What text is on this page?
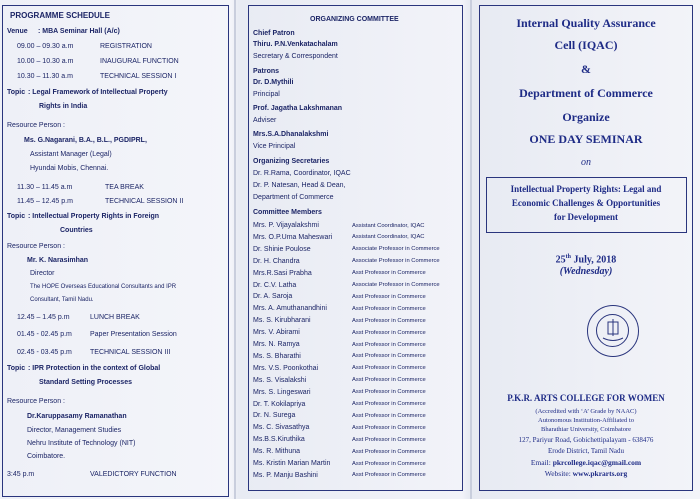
PROGRAMME SCHEDULE
Venue : MBA Seminar Hall (A/c)
09.00 – 09.30 a.m	REGISTRATION
10.00 – 10.30 a.m	INAUGURAL FUNCTION
10.30 – 11.30 a.m	TECHNICAL SESSION I
Topic : Legal Framework of Intellectual Property
Rights in India
Resource Person :
Ms. G.Nagarani, B.A., B.L., PGDIPRL,
Assistant Manager (Legal)
Hyundai Mobis, Chennai.
11.30 – 11.45 a.m	TEA BREAK
11.45 – 12.45 p.m	TECHNICAL SESSION II
Topic : Intellectual Property Rights in Foreign
Countries
Resource Person :
Mr. K. Narasimhan
Director
The HOPE Overseas Educational Consultants and IPR
Consultant, Tamil Nadu.
12.45 – 1.45 p.m	LUNCH BREAK
01.45 - 02.45 p.m	Paper Presentation Session
02.45 - 03.45 p.m	TECHNICAL SESSION III
Topic : IPR Protection in the context of Global
Standard Setting Processes
Resource Person :
Dr.Karuppasamy Ramanathan
Director, Management Studies
Nehru Institute of Technology (NIT)
Coimbatore.
3:45 p.m	VALEDICTORY FUNCTION
ORGANIZING COMMITTEE
Chief Patron
Thiru. P.N.Venkatachalam
Secretary & Correspondent
Patrons
Dr. D.Mythili
Principal
Prof. Jagatha Lakshmanan
Adviser
Mrs.S.A.Dhanalakshmi
Vice Principal
Organizing Secretaries
Dr. R.Rama, Coordinator, IQAC
Dr. P. Natesan, Head & Dean,
Department of Commerce
Committee Members
Mrs. P. Vijayalakshmi	Assistant Coordinator, IQAC
Mrs. O.P.Uma Maheswari	Assistant Coordinator, IQAC
Dr. Shinie Poulose	Associate Professor in Commerce
Dr. H. Chandra	Associate Professor in Commerce
Mrs.R.Sasi Prabha	Asst Professor in Commerce
Dr. C.V. Latha	Associate Professor in Commerce
Dr. A. Saroja	Asst Professor in Commerce
Mrs. A. Amuthanandhini	Asst Professor in Commerce
Ms. S. Kirubharani	Asst Professor in Commerce
Mrs. V. Abirami	Asst Professor in Commerce
Mrs. N. Ramya	Asst Professor in Commerce
Ms. S. Bharathi	Asst Professor in Commerce
Mrs. V.S. Poonkothai	Asst Professor in Commerce
Ms. S. Visalakshi	Asst Professor in Commerce
Mrs. S. Lingeswari	Asst Professor in Commerce
Dr. T. Kokilapriya	Asst Professor in Commerce
Dr. N. Surega	Asst Professor in Commerce
Ms. C. Sivasathya	Asst Professor in Commerce
Ms.B.S.Kiruthika	Asst Professor in Commerce
Ms. R. Mithuna	Asst Professor in Commerce
Ms. Kristin Marian Martin	Asst Professor in Commerce
Ms. P. Manju Bashini	Asst Professor in Commerce
Internal Quality Assurance
Cell (IQAC)
&
Department of Commerce
Organize
ONE DAY SEMINAR
on
Intellectual Property Rights: Legal and
Economic Challenges & Opportunities
for Development
25th July, 2018
(Wednesday)
P.K.R. ARTS COLLEGE FOR WOMEN
(Accredited with ‘A’ Grade by NAAC)
Autonomous Institution-Affiliated to
Bharathiar University, Coimbatore
127, Pariyur Road, Gobichettipalayam - 638476
Erode District, Tamil Nadu
Email: pkrcollege.iqac@gmail.com
Website: www.pkrarts.org
